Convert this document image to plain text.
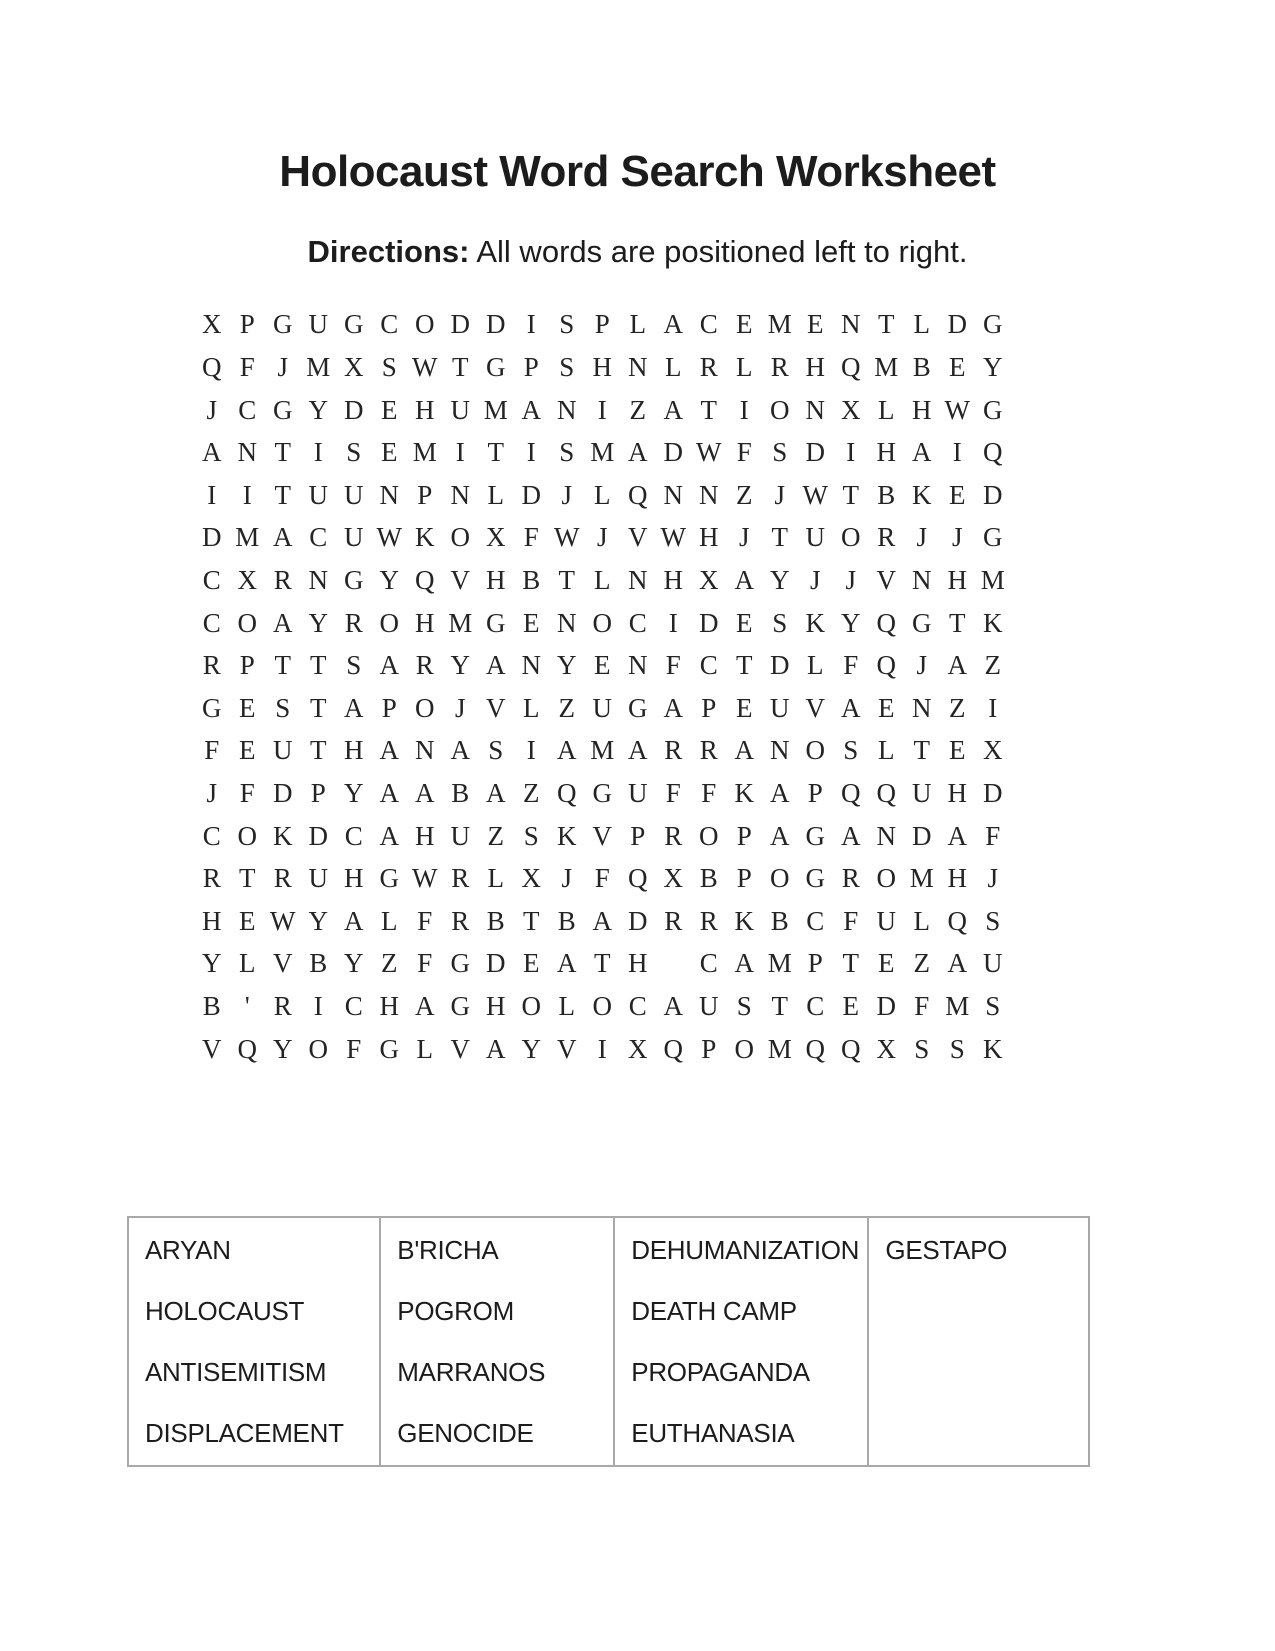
Holocaust Word Search Worksheet

Directions: All words are positioned left to right.

X P G U G C O D D I S P L A C E M E N T L D G
Q F J M X S W T G P S H N L R L R H Q M B E Y
J C G Y D E H U M A N I Z A T I O N X L H W G
A N T I S E M I T I S M A D W F S D I H A I Q
I I T U U N P N L D J L Q N N Z J W T B K E D
D M A C U W K O X F W J V W H J T U O R J J G
C X R N G Y Q V H B T L N H X A Y J J V N H M
C O A Y R O H M G E N O C I D E S K Y Q G T K
R P T T S A R Y A N Y E N F C T D L F Q J A Z
G E S T A P O J V L Z U G A P E U V A E N Z I
F E U T H A N A S I A M A R R A N O S L T E X
J F D P Y A A B A Z Q G U F F K A P Q Q U H D
C O K D C A H U Z S K V P R O P A G A N D A F
R T R U H G W R L X J F Q X B P O G R O M H J
H E W Y A L F R B T B A D R R K B C F U L Q S
Y L V B Y Z F G D E A T H	C A M P T E Z A U
B ' R I C H A G H O L O C A U S T C E D F M S
V Q Y O F G L V A Y V I X Q P O M Q Q X S S K
ARYAN
HOLOCAUST
ANTISEMITISM
DISPLACEMENT
B'RICHA
POGROM
MARRANOS
GENOCIDE
DEHUMANIZATION
DEATH CAMP
PROPAGANDA
EUTHANASIA
GESTAPO
